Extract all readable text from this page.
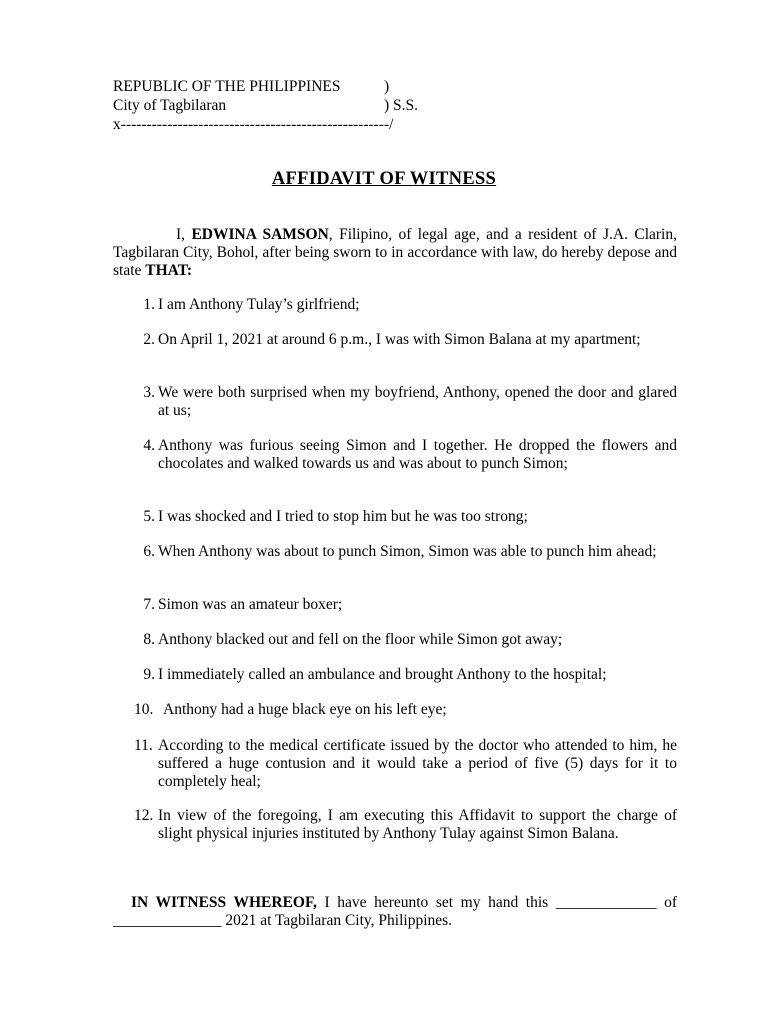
REPUBLIC OF THE PHILIPPINES	)
City of Tagbilaran	) S.S.
x----------------------------------------------------/
AFFIDAVIT OF WITNESS
I, EDWINA SAMSON, Filipino, of legal age, and a resident of J.A. Clarin, Tagbilaran City, Bohol, after being sworn to in accordance with law, do hereby depose and state THAT:
1. I am Anthony Tulay’s girlfriend;
2. On April 1, 2021 at around 6 p.m., I was with Simon Balana at my apartment;
3. We were both surprised when my boyfriend, Anthony, opened the door and glared at us;
4. Anthony was furious seeing Simon and I together. He dropped the flowers and chocolates and walked towards us and was about to punch Simon;
5. I was shocked and I tried to stop him but he was too strong;
6. When Anthony was about to punch Simon, Simon was able to punch him ahead;
7. Simon was an amateur boxer;
8. Anthony blacked out and fell on the floor while Simon got away;
9. I immediately called an ambulance and brought Anthony to the hospital;
10. Anthony had a huge black eye on his left eye;
11. According to the medical certificate issued by the doctor who attended to him, he suffered a huge contusion and it would take a period of five (5) days for it to completely heal;
12. In view of the foregoing, I am executing this Affidavit to support the charge of slight physical injuries instituted by Anthony Tulay against Simon Balana.
IN WITNESS WHEREOF, I have hereunto set my hand this _____________ of ______________ 2021 at Tagbilaran City, Philippines.
